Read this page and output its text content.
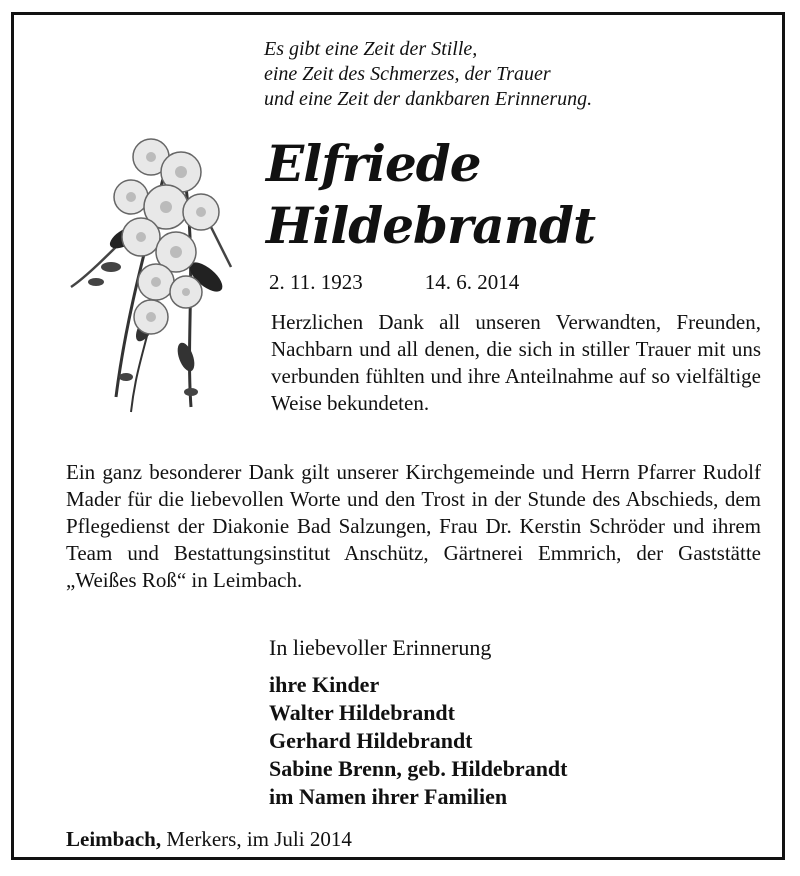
Es gibt eine Zeit der Stille,
eine Zeit des Schmerzes, der Trauer
und eine Zeit der dankbaren Erinnerung.
Elfriede
Hildebrandt
2. 11. 1923	14. 6. 2014
Herzlichen Dank all unseren Verwandten, Freunden, Nachbarn und all denen, die sich in stiller Trauer mit uns verbunden fühlten und ihre Anteilnahme auf so vielfältige Weise bekundeten.
Ein ganz besonderer Dank gilt unserer Kirchgemeinde und Herrn Pfarrer Rudolf Mader für die liebevollen Worte und den Trost in der Stunde des Abschieds, dem Pflegedienst der Diakonie Bad Salzungen, Frau Dr. Kerstin Schröder und ihrem Team und Bestattungsinstitut Anschütz, Gärtnerei Emmrich, der Gaststätte „Weißes Roß“ in Leimbach.
In liebevoller Erinnerung
ihre Kinder
Walter Hildebrandt
Gerhard Hildebrandt
Sabine Brenn, geb. Hildebrandt
im Namen ihrer Familien
Leimbach, Merkers, im Juli 2014
